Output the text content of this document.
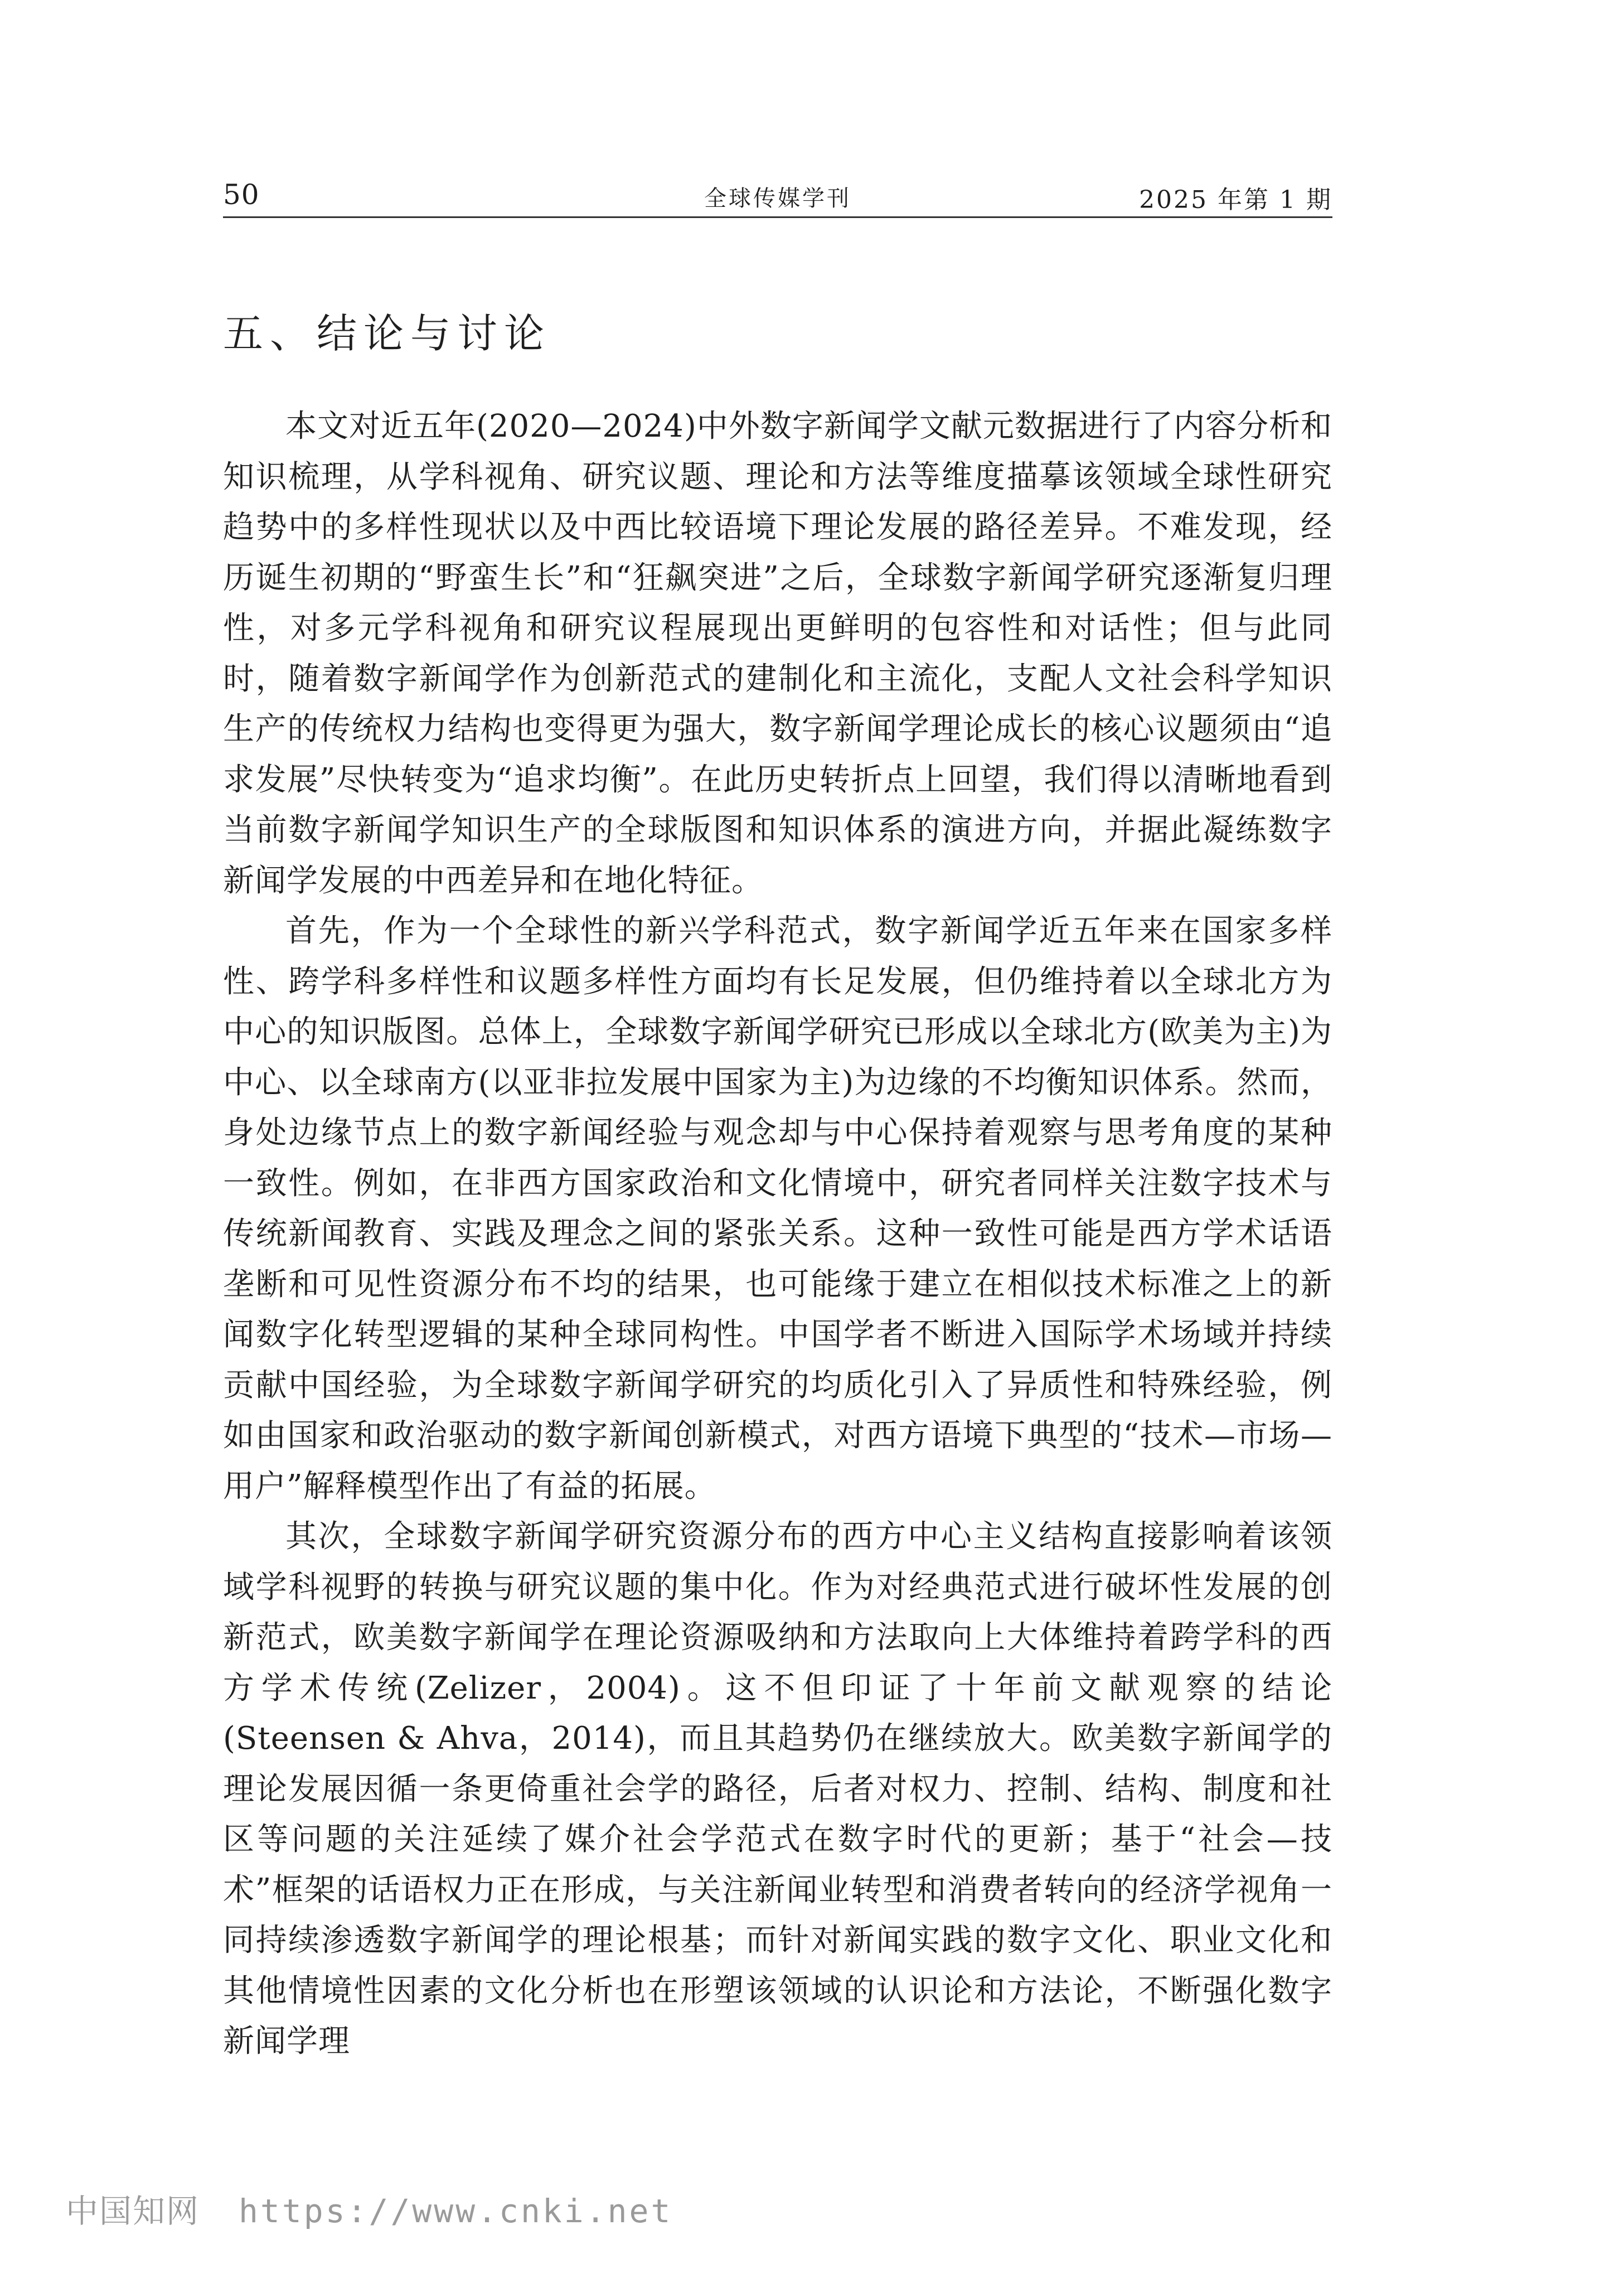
50	全球传媒学刊	2025 年第 1 期
五、结论与讨论

本文对近五年(2020—2024)中外数字新闻学文献元数据进行了内容分析和知识梳理，从学科视角、研究议题、理论和方法等维度描摹该领域全球性研究趋势中的多样性现状以及中西比较语境下理论发展的路径差异。不难发现，经历诞生初期的“野蛮生长”和“狂飙突进”之后，全球数字新闻学研究逐渐复归理性，对多元学科视角和研究议程展现出更鲜明的包容性和对话性；但与此同时，随着数字新闻学作为创新范式的建制化和主流化，支配人文社会科学知识生产的传统权力结构也变得更为强大，数字新闻学理论成长的核心议题须由“追求发展”尽快转变为“追求均衡”。在此历史转折点上回望，我们得以清晰地看到当前数字新闻学知识生产的全球版图和知识体系的演进方向，并据此凝练数字新闻学发展的中西差异和在地化特征。

首先，作为一个全球性的新兴学科范式，数字新闻学近五年来在国家多样性、跨学科多样性和议题多样性方面均有长足发展，但仍维持着以全球北方为中心的知识版图。总体上，全球数字新闻学研究已形成以全球北方(欧美为主)为中心、以全球南方(以亚非拉发展中国家为主)为边缘的不均衡知识体系。然而，身处边缘节点上的数字新闻经验与观念却与中心保持着观察与思考角度的某种一致性。例如，在非西方国家政治和文化情境中，研究者同样关注数字技术与传统新闻教育、实践及理念之间的紧张关系。这种一致性可能是西方学术话语垄断和可见性资源分布不均的结果，也可能缘于建立在相似技术标准之上的新闻数字化转型逻辑的某种全球同构性。中国学者不断进入国际学术场域并持续贡献中国经验，为全球数字新闻学研究的均质化引入了异质性和特殊经验，例如由国家和政治驱动的数字新闻创新模式，对西方语境下典型的“技术—市场—用户”解释模型作出了有益的拓展。

其次，全球数字新闻学研究资源分布的西方中心主义结构直接影响着该领域学科视野的转换与研究议题的集中化。作为对经典范式进行破坏性发展的创新范式，欧美数字新闻学在理论资源吸纳和方法取向上大体维持着跨学科的西方学术传统(Zelizer，2004)。这不但印证了十年前文献观察的结论(Steensen & Ahva，2014)，而且其趋势仍在继续放大。欧美数字新闻学的理论发展因循一条更倚重社会学的路径，后者对权力、控制、结构、制度和社区等问题的关注延续了媒介社会学范式在数字时代的更新；基于“社会—技术”框架的话语权力正在形成，与关注新闻业转型和消费者转向的经济学视角一同持续渗透数字新闻学的理论根基；而针对新闻实践的数字文化、职业文化和其他情境性因素的文化分析也在形塑该领域的认识论和方法论，不断强化数字新闻学理

中国知网 https://www.cnki.net
